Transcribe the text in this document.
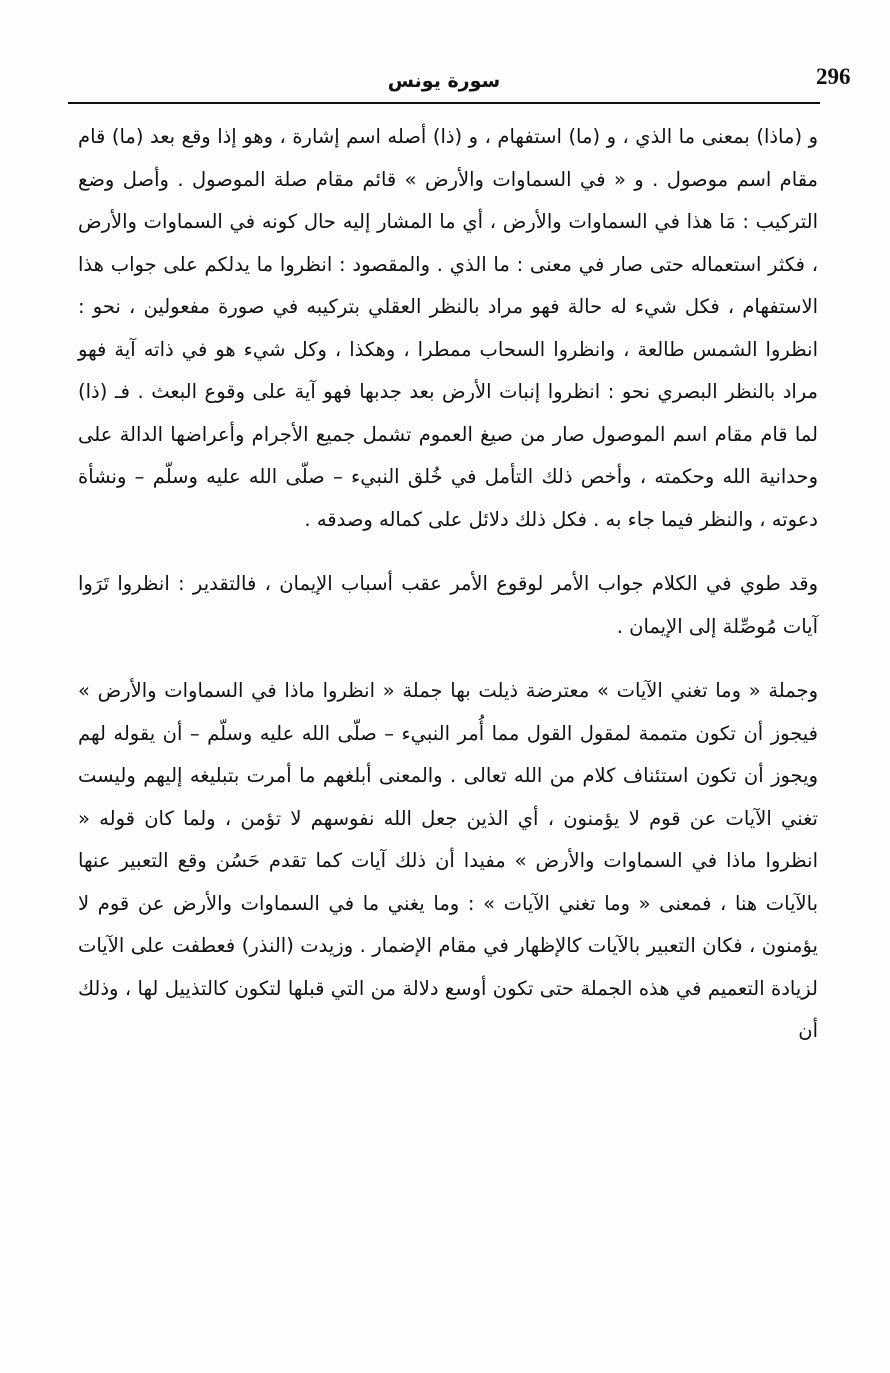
296
سورة يونس

و (ماذا) بمعنى ما الذي ، و (ما) استفهام ، و (ذا) أصله اسم إشارة ، وهو إذا وقع بعد (ما) قام مقام اسم موصول . و « في السماوات والأرض » قائم مقام صلة الموصول . وأصل وضع التركيب : مَا هذا في السماوات والأرض ، أي ما المشار إليه حال كونه في السماوات والأرض ، فكثر استعماله حتى صار في معنى : ما الذي . والمقصود : انظروا ما يدلكم على جواب هذا الاستفهام ، فكل شيء له حالة فهو مراد بالنظر العقلي بتركيبه في صورة مفعولين ، نحو : انظروا الشمس طالعة ، وانظروا السحاب ممطرا ، وهكذا ، وكل شيء هو في ذاته آية فهو مراد بالنظر البصري نحو : انظروا إنبات الأرض بعد جدبها فهو آية على وقوع البعث . فـ (ذا) لما قام مقام اسم الموصول صار من صيغ العموم تشمل جميع الأجرام وأعراضها الدالة على وحدانية الله وحكمته ، وأخص ذلك التأمل في خُلق النبيء – صلّى الله عليه وسلّم – ونشأة دعوته ، والنظر فيما جاء به . فكل ذلك دلائل على كماله وصدقه .

وقد طوي في الكلام جواب الأمر لوقوع الأمر عقب أسباب الإيمان ، فالتقدير : انظروا تَرَوا آيات مُوصِّلة إلى الإيمان .

وجملة « وما تغني الآيات » معترضة ذيلت بها جملة « انظروا ماذا في السماوات والأرض » فيجوز أن تكون متممة لمقول القول مما أُمر النبيء – صلّى الله عليه وسلّم – أن يقوله لهم ويجوز أن تكون استئناف كلام من الله تعالى . والمعنى أبلغهم ما أمرت بتبليغه إليهم وليست تغني الآيات عن قوم لا يؤمنون ، أي الذين جعل الله نفوسهم لا تؤمن ، ولما كان قوله « انظروا ماذا في السماوات والأرض » مفيدا أن ذلك آيات كما تقدم حَسُن وقع التعبير عنها بالآيات هنا ، فمعنى « وما تغني الآيات » : وما يغني ما في السماوات والأرض عن قوم لا يؤمنون ، فكان التعبير بالآيات كالإظهار في مقام الإضمار . وزيدت (النذر) فعطفت على الآيات لزيادة التعميم في هذه الجملة حتى تكون أوسع دلالة من التي قبلها لتكون كالتذييل لها ، وذلك أن
